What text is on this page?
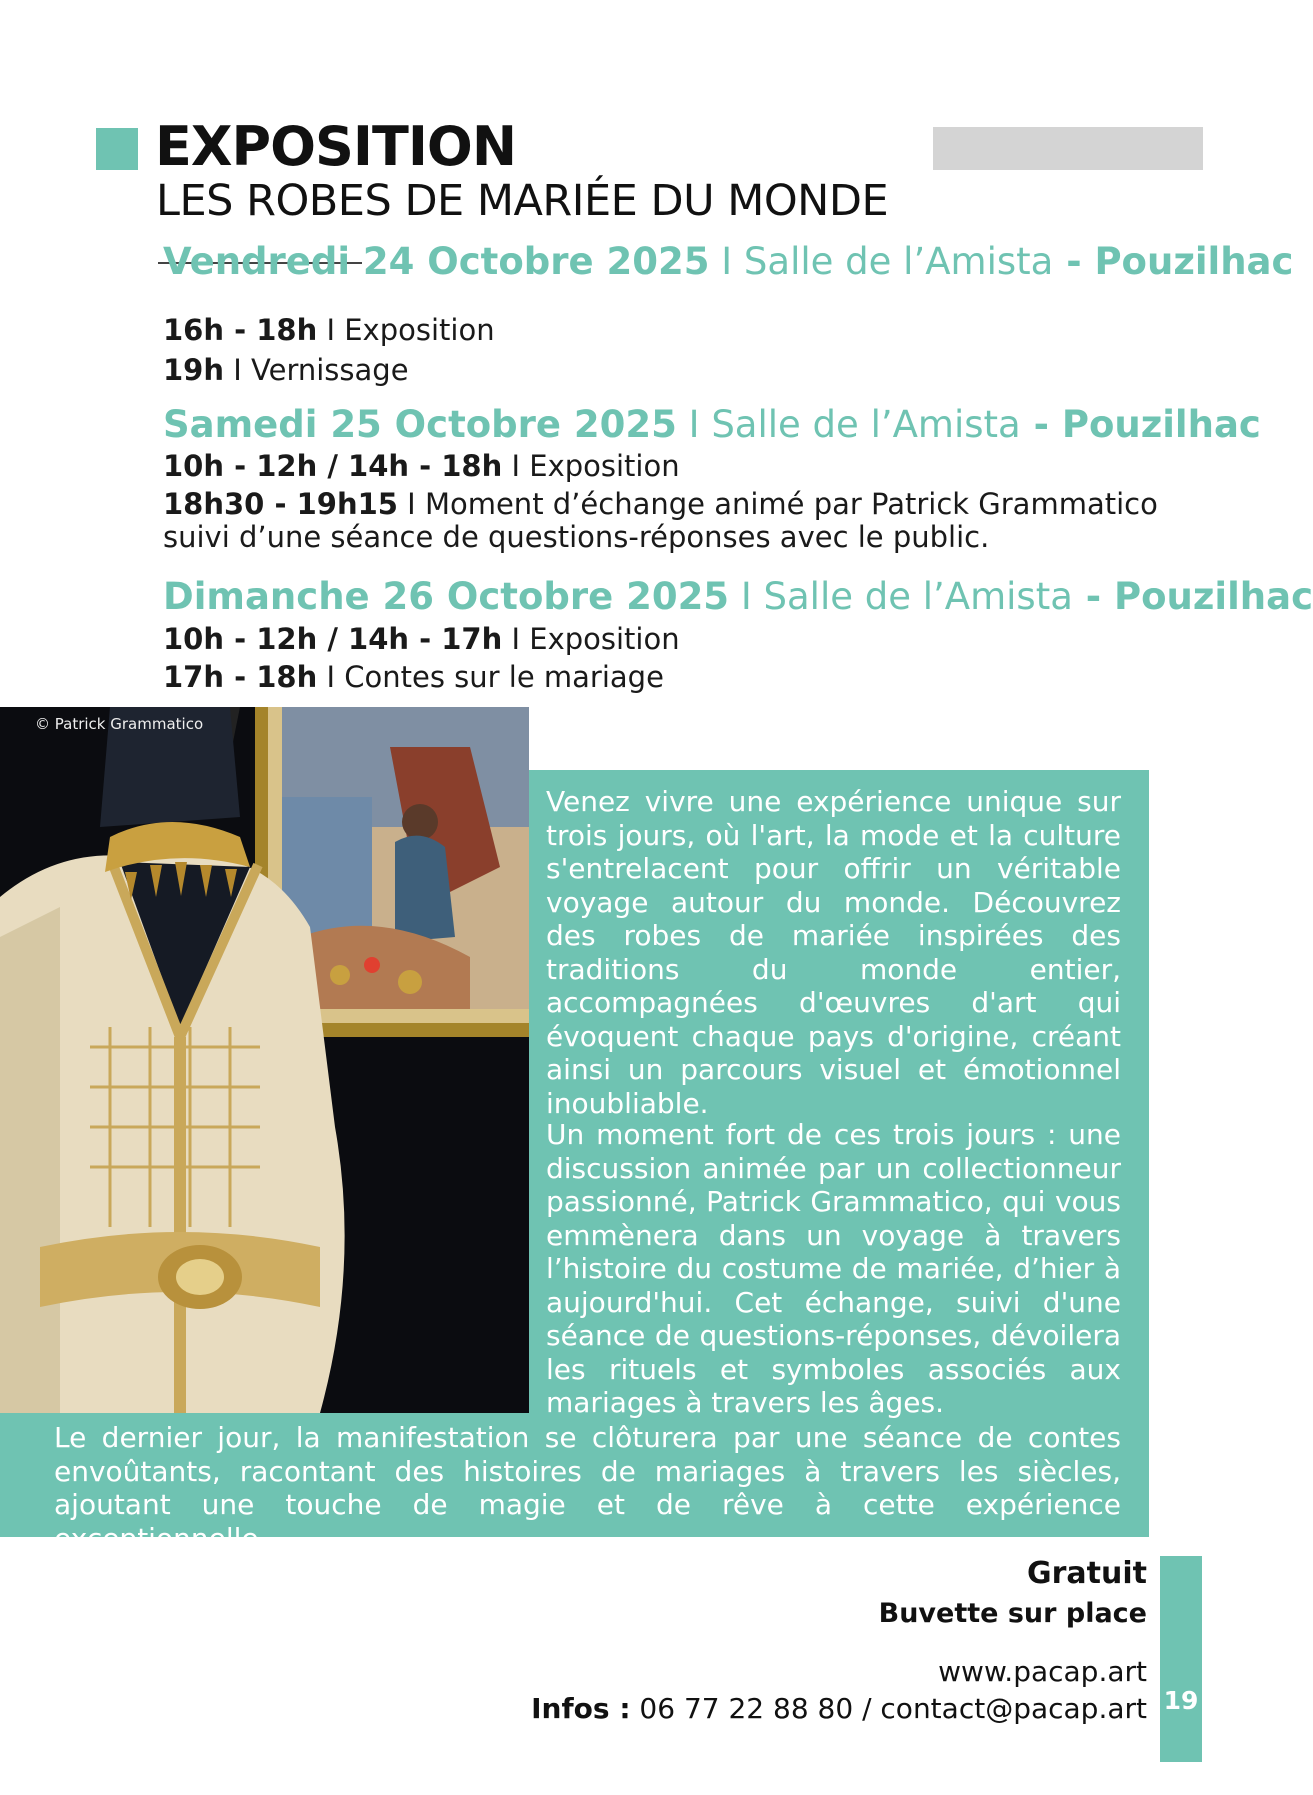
EXPOSITION
LES ROBES DE MARIÉE DU MONDE
Vendredi 24 Octobre 2025 I Salle de l’Amista - Pouzilhac
16h - 18h I Exposition
19h I Vernissage
Samedi 25 Octobre 2025 I Salle de l’Amista - Pouzilhac
10h - 12h / 14h - 18h I Exposition
18h30 - 19h15 I Moment d’échange animé par Patrick Grammatico
suivi d’une séance de questions-réponses avec le public.
Dimanche 26 Octobre 2025 I Salle de l’Amista - Pouzilhac
10h - 12h / 14h - 17h I Exposition
17h - 18h I Contes sur le mariage
© Patrick Grammatico
Venez vivre une expérience unique sur trois jours, où l'art, la mode et la culture s'entrelacent pour offrir un véritable voyage autour du monde. Découvrez des robes de mariée inspirées des traditions du monde entier, accompagnées d'œuvres d'art qui évoquent chaque pays d'origine, créant ainsi un parcours visuel et émotionnel inoubliable.
Un moment fort de ces trois jours : une discussion animée par un collectionneur passionné, Patrick Grammatico, qui vous emmènera dans un voyage à travers l’histoire du costume de mariée, d’hier à aujourd'hui. Cet échange, suivi d'une séance de questions-réponses, dévoilera les rituels et symboles associés aux mariages à travers les âges.
Le dernier jour, la manifestation se clôturera par une séance de contes envoûtants, racontant des histoires de mariages à travers les siècles, ajoutant une touche de magie et de rêve à cette expérience exceptionnelle.
Gratuit
Buvette sur place
www.pacap.art
Infos : 06 77 22 88 80 / contact@pacap.art 19
